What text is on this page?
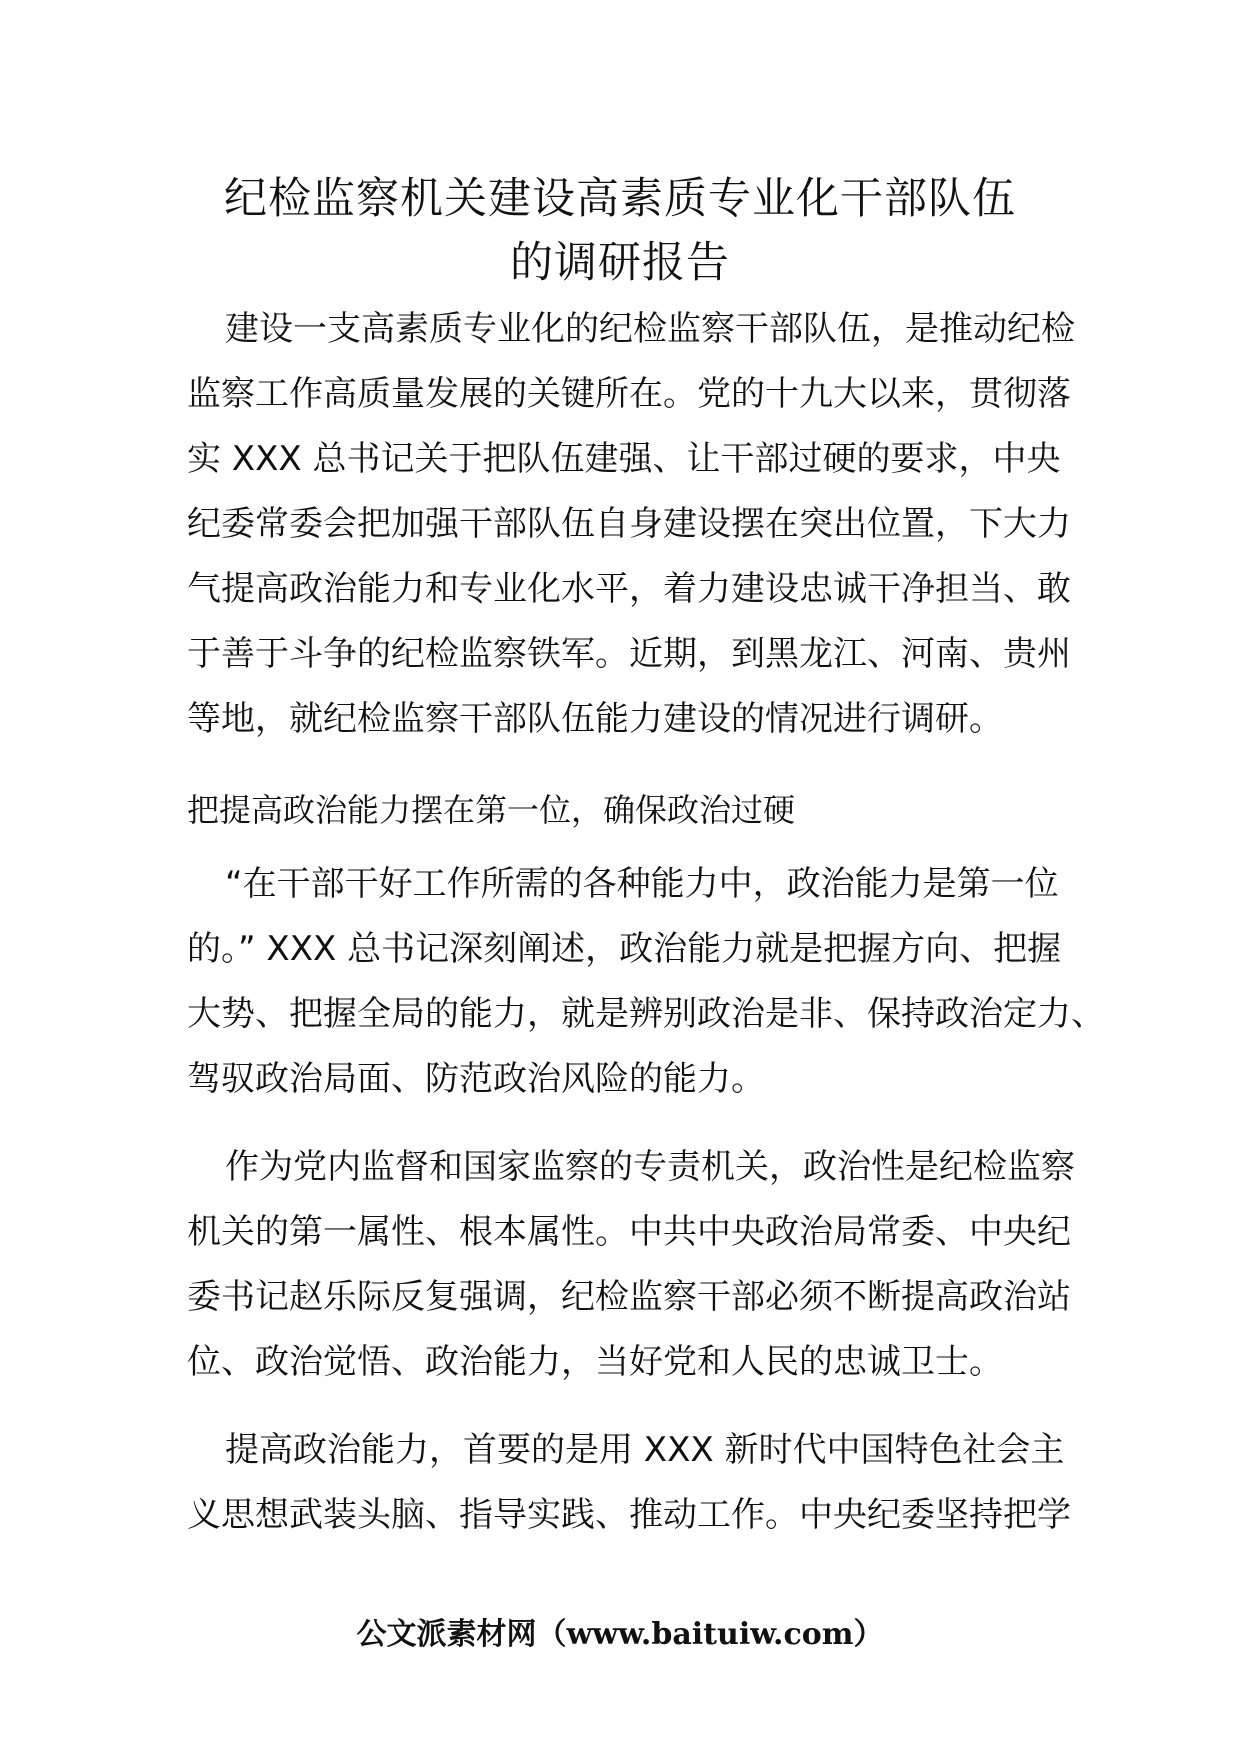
纪检监察机关建设高素质专业化干部队伍
的调研报告
建设一支高素质专业化的纪检监察干部队伍，是推动纪检
监察工作高质量发展的关键所在。党的十九大以来，贯彻落
实 XXX 总书记关于把队伍建强、让干部过硬的要求，中央
纪委常委会把加强干部队伍自身建设摆在突出位置，下大力
气提高政治能力和专业化水平，着力建设忠诚干净担当、敢
于善于斗争的纪检监察铁军。近期，到黑龙江、河南、贵州
等地，就纪检监察干部队伍能力建设的情况进行调研。
把提高政治能力摆在第一位，确保政治过硬
“在干部干好工作所需的各种能力中，政治能力是第一位
的。” XXX 总书记深刻阐述，政治能力就是把握方向、把握
大势、把握全局的能力，就是辨别政治是非、保持政治定力、
驾驭政治局面、防范政治风险的能力。
作为党内监督和国家监察的专责机关，政治性是纪检监察
机关的第一属性、根本属性。中共中央政治局常委、中央纪
委书记赵乐际反复强调，纪检监察干部必须不断提高政治站
位、政治觉悟、政治能力，当好党和人民的忠诚卫士。
提高政治能力，首要的是用 XXX 新时代中国特色社会主
义思想武装头脑、指导实践、推动工作。中央纪委坚持把学
公文派素材网（www.baituiw.com）
